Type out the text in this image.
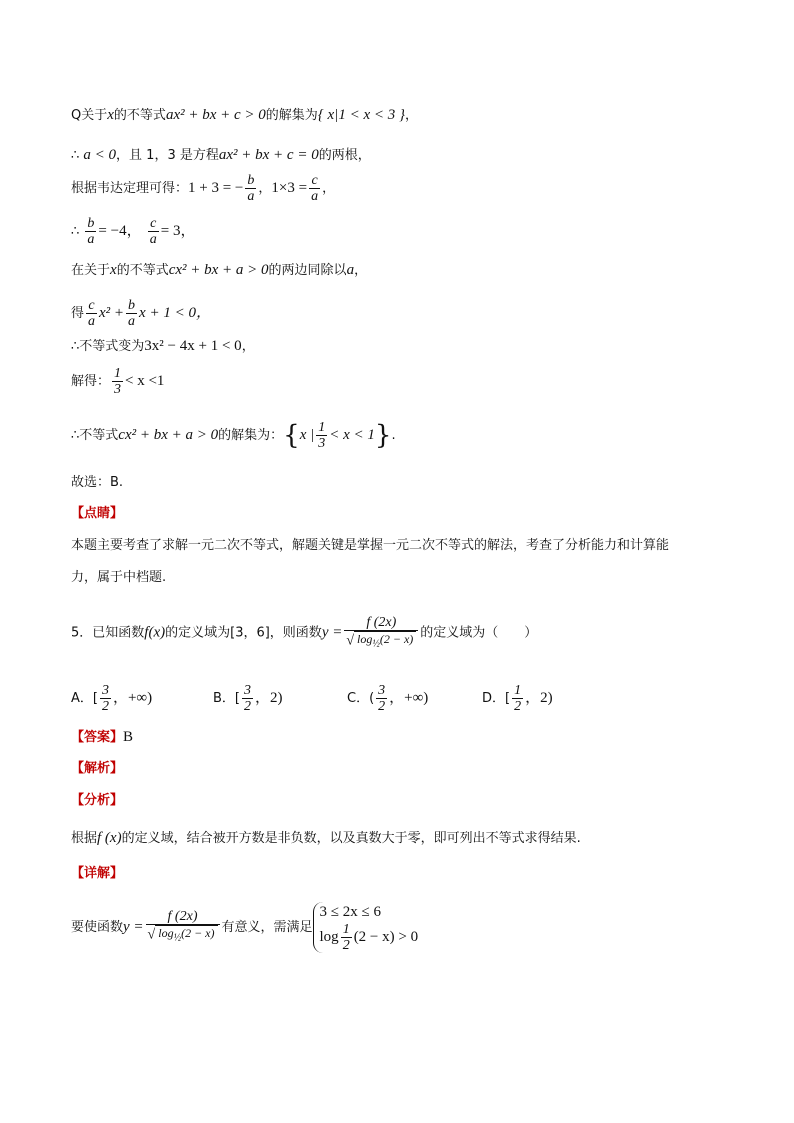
Q关于x的不等式ax² + bx + c > 0的解集为{ x|1 < x < 3 }，
∴ a < 0，且 1，3 是方程ax² + bx + c = 0的两根，
根据韦达定理可得：1 + 3 = − $\frac{b}{a}$ ，$1\times 3 = \frac{c}{a}$ ，
∴ $\frac{b}{a} = -4$， $\frac{c}{a} = 3$，
在关于x的不等式cx² + bx + a > 0的两边同除以a，
得 $\frac{c}{a} x^2 + \frac{b}{a}$ x + 1 < 0，
∴不等式变为3x² − 4x + 1 < 0，
解得： $\frac{1}{3} < x <1$
∴不等式cx² + bx + a > 0的解集为：{x | $\frac{1}{3} < x < 1$}.
故选：B.
【点睛】
本题主要考查了求解一元二次不等式，解题关键是掌握一元二次不等式的解法，考查了分析能力和计算能
力，属于中档题.
5．已知函数f(x)的定义域为[3，6]，则函数$y = \frac{f (2x)}{√ \log_{\frac{1}{2}}(2 - x)}$ 的定义域为（　　）
A．[ $\frac{3}{2}$ ，+∞)	B．[ $\frac{3}{2}$ ，2)	C．( $\frac{3}{2}$ ，+∞)	D．[ $\frac{1}{2}$ ，2)
【答案】B
【解析】
【分析】
根据f (x)的定义域，结合被开方数是非负数，以及真数大于零，即可列出不等式求得结果.
【详解】
要使函数$y = \frac{f (2x)}{√ \log_{\frac{1}{2}}(2 - x)}$ 有意义，需满足
3 ≤ 2x ≤ 6
$\log \frac{1}{2} (2 - x) > 0$
